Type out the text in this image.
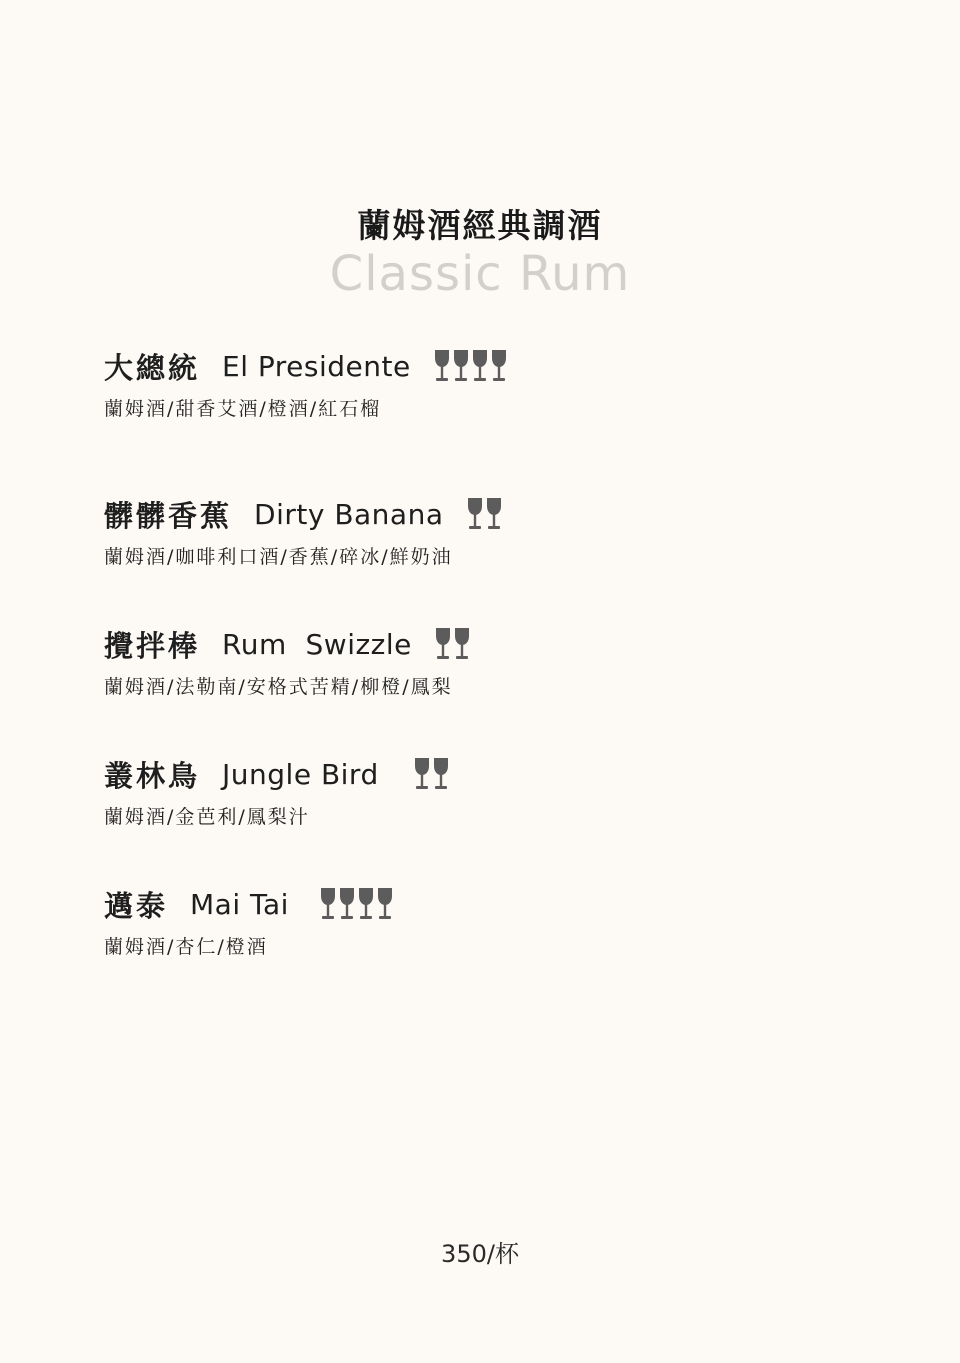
蘭姆酒經典調酒
Classic Rum
大總統 El Presidente
蘭姆酒/甜香艾酒/橙酒/紅石榴
髒髒香蕉 Dirty Banana
蘭姆酒/咖啡利口酒/香蕉/碎冰/鮮奶油
攪拌棒 Rum  Swizzle
蘭姆酒/法勒南/安格式苦精/柳橙/鳳梨
叢林鳥 Jungle Bird
蘭姆酒/金芭利/鳳梨汁
邁泰 Mai Tai
蘭姆酒/杏仁/橙酒
350/杯
